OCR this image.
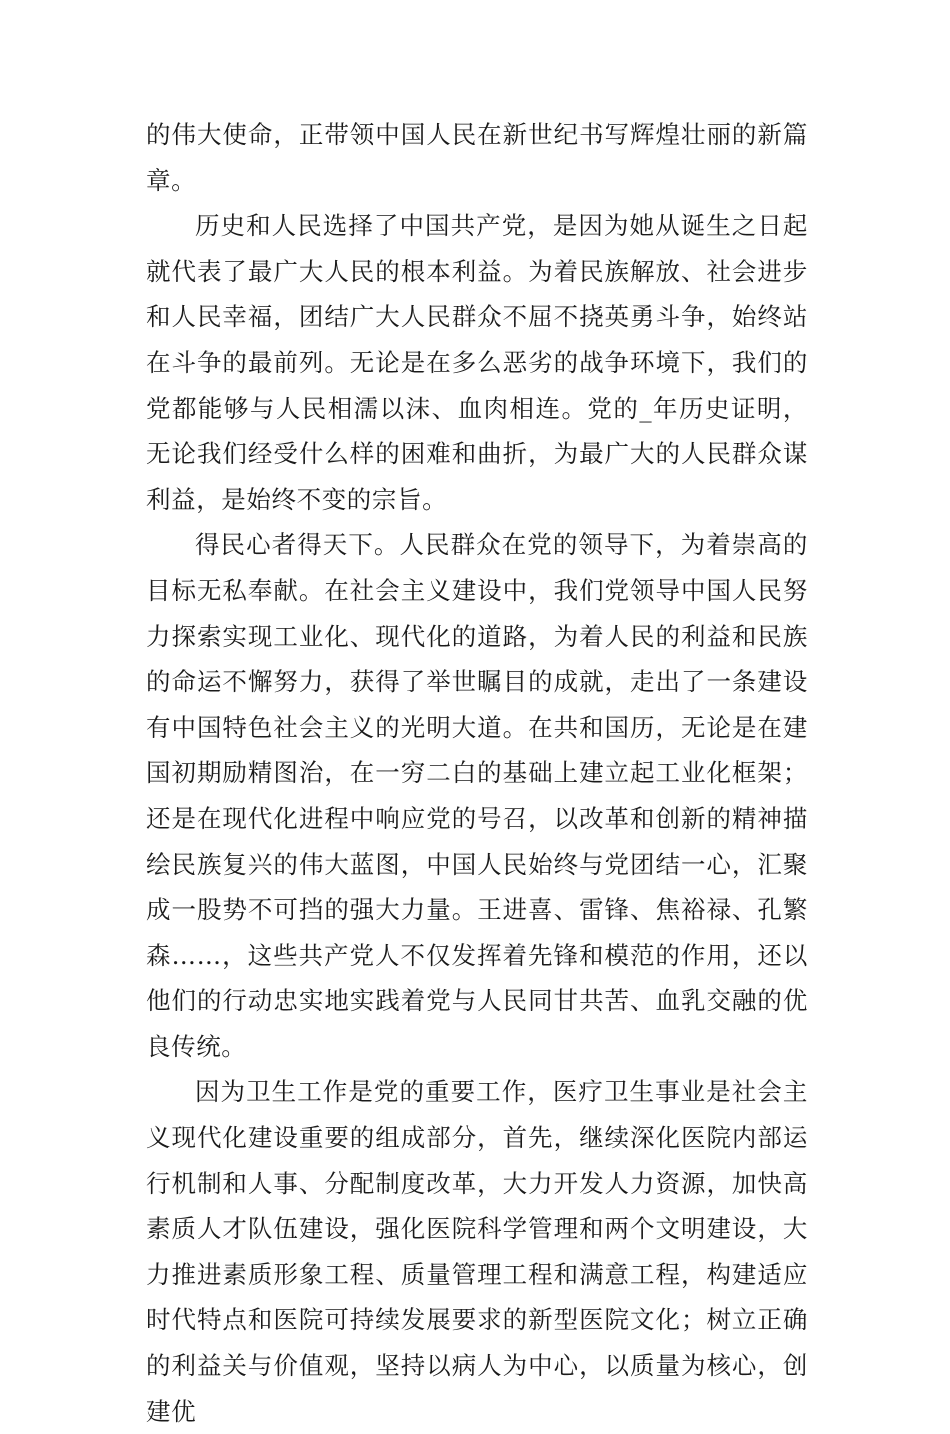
的伟大使命，正带领中国人民在新世纪书写辉煌壮丽的新篇章。

历史和人民选择了中国共产党，是因为她从诞生之日起就代表了最广大人民的根本利益。为着民族解放、社会进步和人民幸福，团结广大人民群众不屈不挠英勇斗争，始终站在斗争的最前列。无论是在多么恶劣的战争环境下，我们的党都能够与人民相濡以沫、血肉相连。党的_年历史证明，无论我们经受什么样的困难和曲折，为最广大的人民群众谋利益，是始终不变的宗旨。

得民心者得天下。人民群众在党的领导下，为着崇高的目标无私奉献。在社会主义建设中，我们党领导中国人民努力探索实现工业化、现代化的道路，为着人民的利益和民族的命运不懈努力，获得了举世瞩目的成就，走出了一条建设有中国特色社会主义的光明大道。在共和国历，无论是在建国初期励精图治，在一穷二白的基础上建立起工业化框架；还是在现代化进程中响应党的号召，以改革和创新的精神描绘民族复兴的伟大蓝图，中国人民始终与党团结一心，汇聚成一股势不可挡的强大力量。王进喜、雷锋、焦裕禄、孔繁森……，这些共产党人不仅发挥着先锋和模范的作用，还以他们的行动忠实地实践着党与人民同甘共苦、血乳交融的优良传统。

因为卫生工作是党的重要工作，医疗卫生事业是社会主义现代化建设重要的组成部分，首先，继续深化医院内部运行机制和人事、分配制度改革，大力开发人力资源，加快高素质人才队伍建设，强化医院科学管理和两个文明建设，大力推进素质形象工程、质量管理工程和满意工程，构建适应时代特点和医院可持续发展要求的新型医院文化；树立正确的利益关与价值观，坚持以病人为中心，以质量为核心，创建优
